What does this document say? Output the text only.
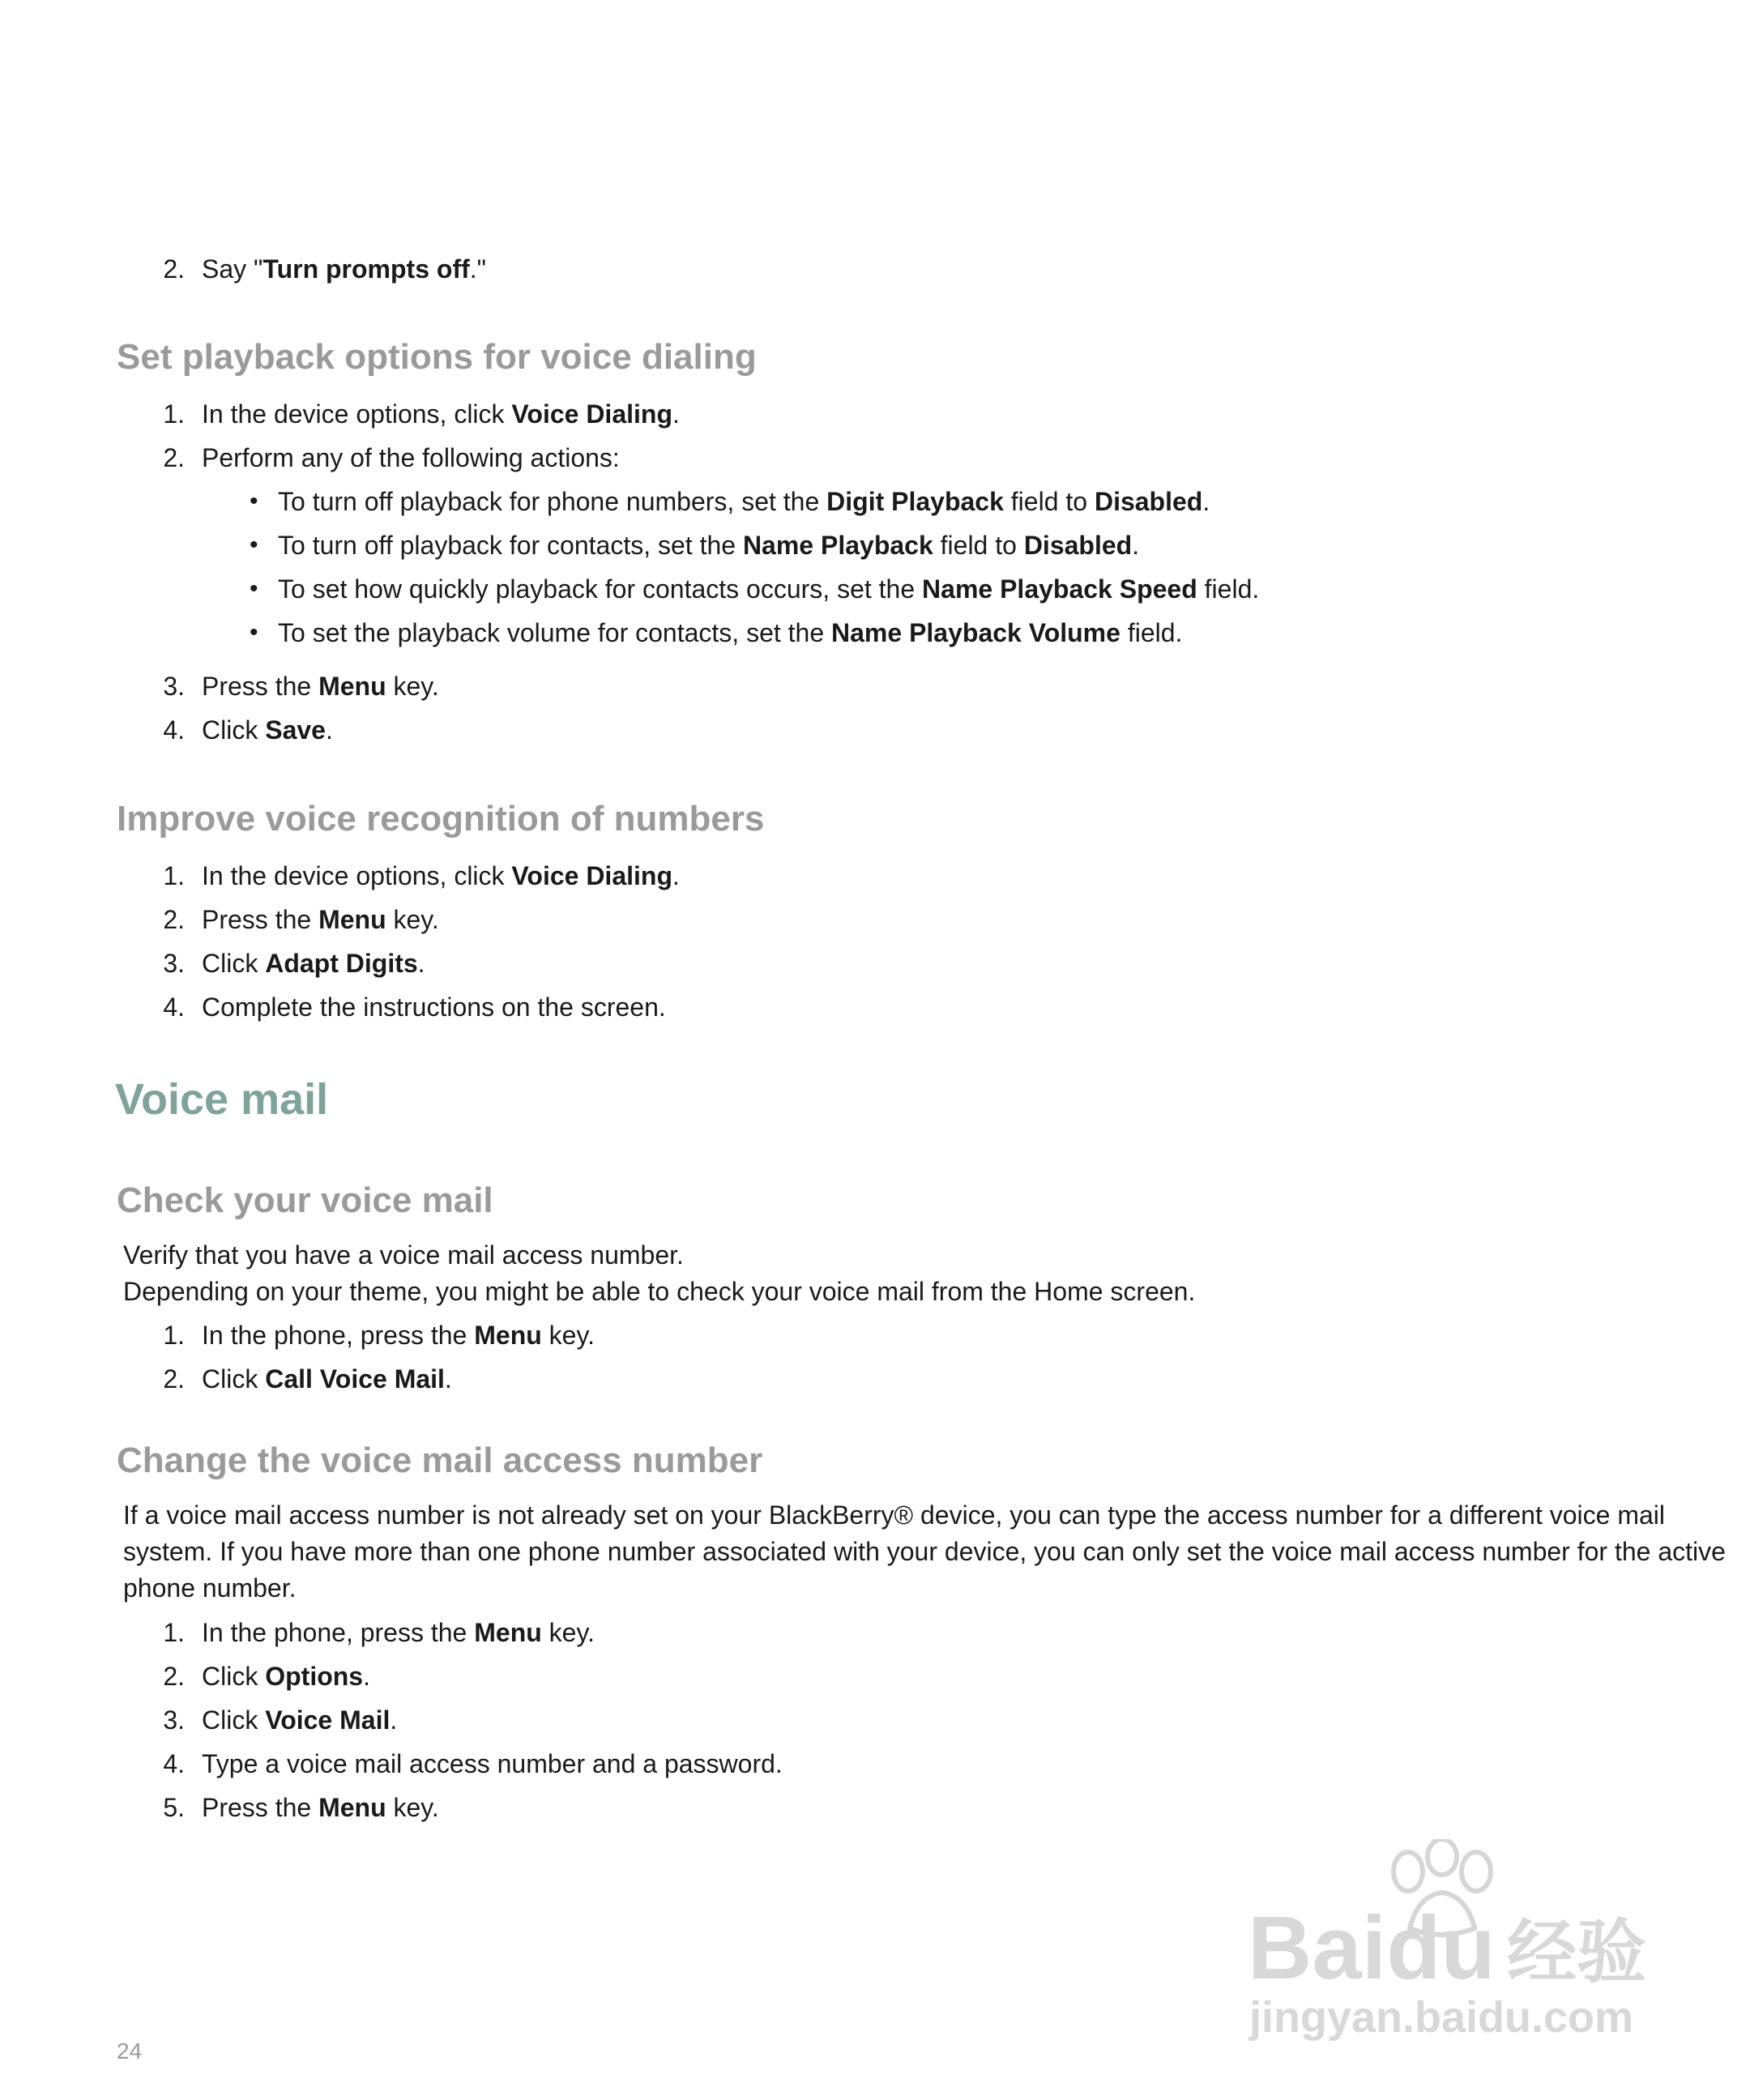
2. Say "Turn prompts off."
Set playback options for voice dialing
1. In the device options, click Voice Dialing.
2. Perform any of the following actions:
• To turn off playback for phone numbers, set the Digit Playback field to Disabled.
• To turn off playback for contacts, set the Name Playback field to Disabled.
• To set how quickly playback for contacts occurs, set the Name Playback Speed field.
• To set the playback volume for contacts, set the Name Playback Volume field.
3. Press the Menu key.
4. Click Save.
Improve voice recognition of numbers
1. In the device options, click Voice Dialing.
2. Press the Menu key.
3. Click Adapt Digits.
4. Complete the instructions on the screen.
Voice mail
Check your voice mail
Verify that you have a voice mail access number.
Depending on your theme, you might be able to check your voice mail from the Home screen.
1. In the phone, press the Menu key.
2. Click Call Voice Mail.
Change the voice mail access number
If a voice mail access number is not already set on your BlackBerry® device, you can type the access number for a different voice mail
system. If you have more than one phone number associated with your device, you can only set the voice mail access number for the active
phone number.
1. In the phone, press the Menu key.
2. Click Options.
3. Click Voice Mail.
4. Type a voice mail access number and a password.
5. Press the Menu key.
Baidu 经验
jingyan.baidu.com
24
